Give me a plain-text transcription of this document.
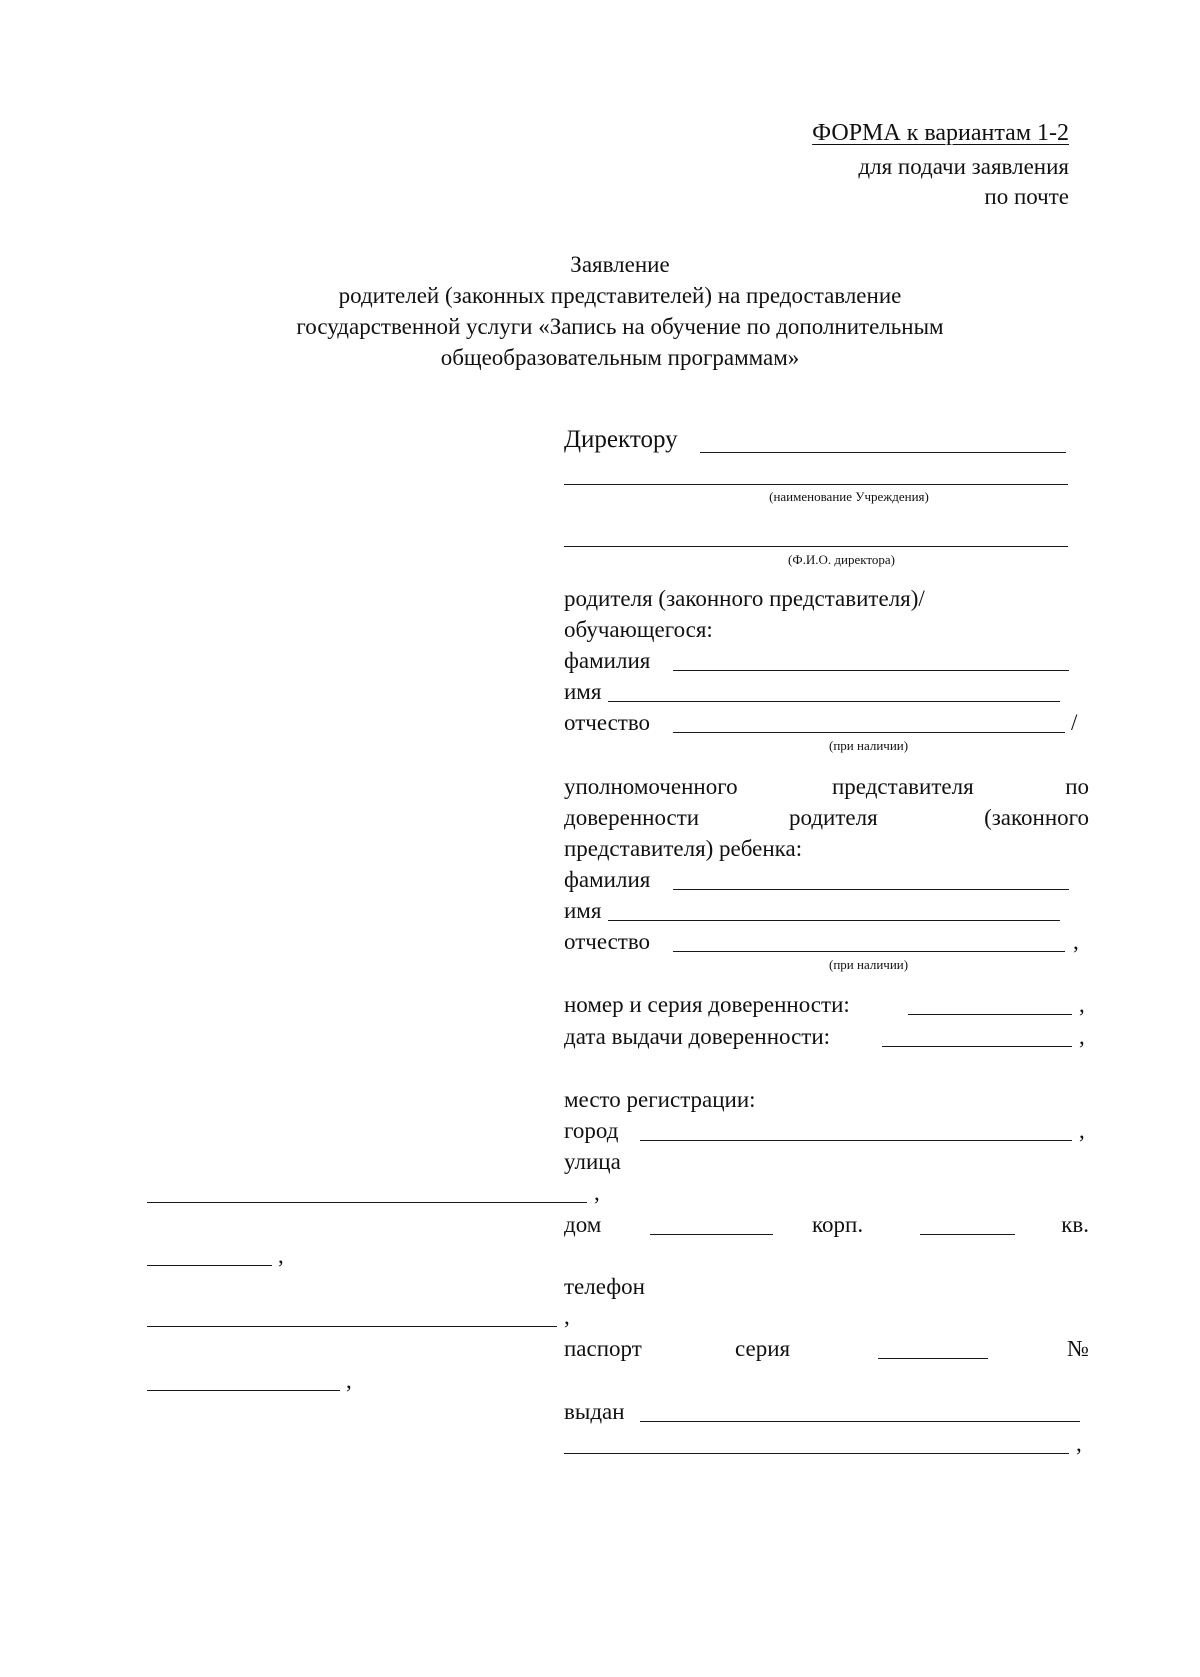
ФОРМА к вариантам 1-2
для подачи заявления
по почте
Заявление
родителей (законных представителей) на предоставление
государственной услуги «Запись на обучение по дополнительным
общеобразовательным программам»
Директору
(наименование Учреждения)
(Ф.И.О. директора)
родителя (законного представителя)/
обучающегося:
фамилия
имя
отчество	/
(при наличии)
уполномоченного	представителя	по
доверенности	родителя	(законного
представителя) ребенка:
фамилия
имя
отчество	,
(при наличии)
номер и серия доверенности:	,
дата выдачи доверенности:	,
место регистрации:
город	,
улица
,
дом	корп.	кв.
,
телефон
,
паспорт	серия	№
,
выдан
,
